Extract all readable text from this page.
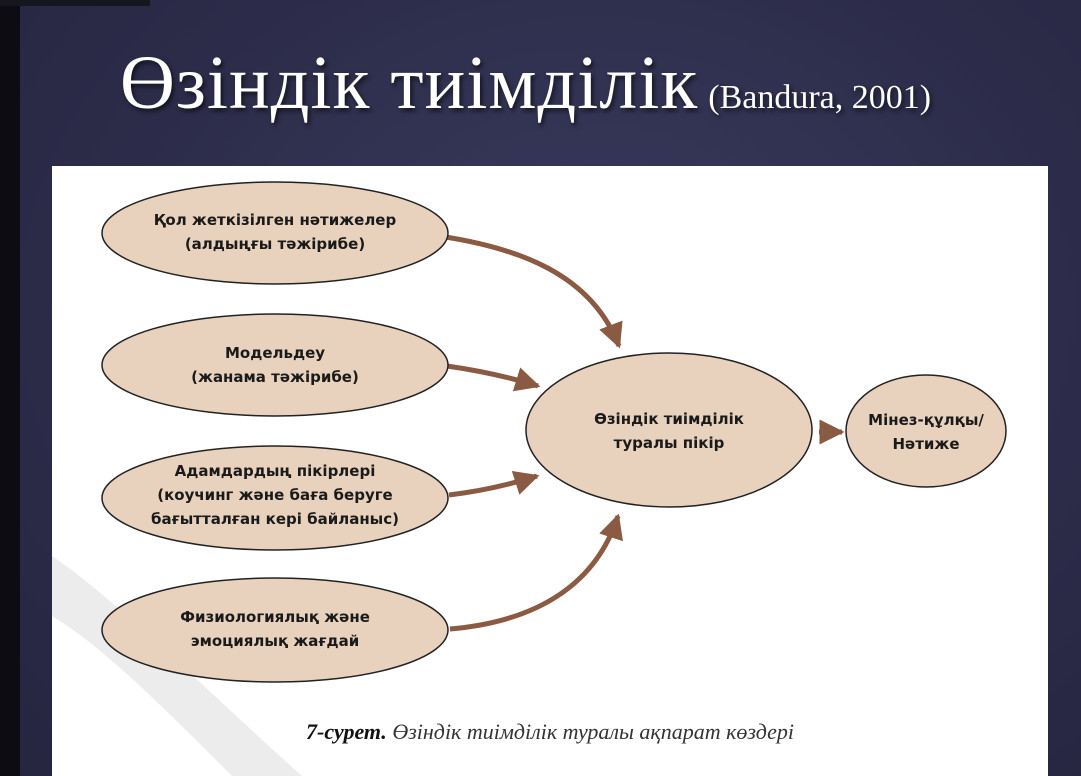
Өзіндік тиімділік (Bandura, 2001)
Қол жеткізілген нәтижелер
(алдыңғы тәжірибе)
Модельдеу
(жанама тәжірибе)
Адамдардың пікірлері
(коучинг және баға беруге
бағытталған кері байланыс)
Физиологиялық және
эмоциялық жағдай
Өзіндік тиімділік
туралы пікір
Мінез-құлқы/
Нәтиже
7-сурет. Өзіндік тиімділік туралы ақпарат көздері
